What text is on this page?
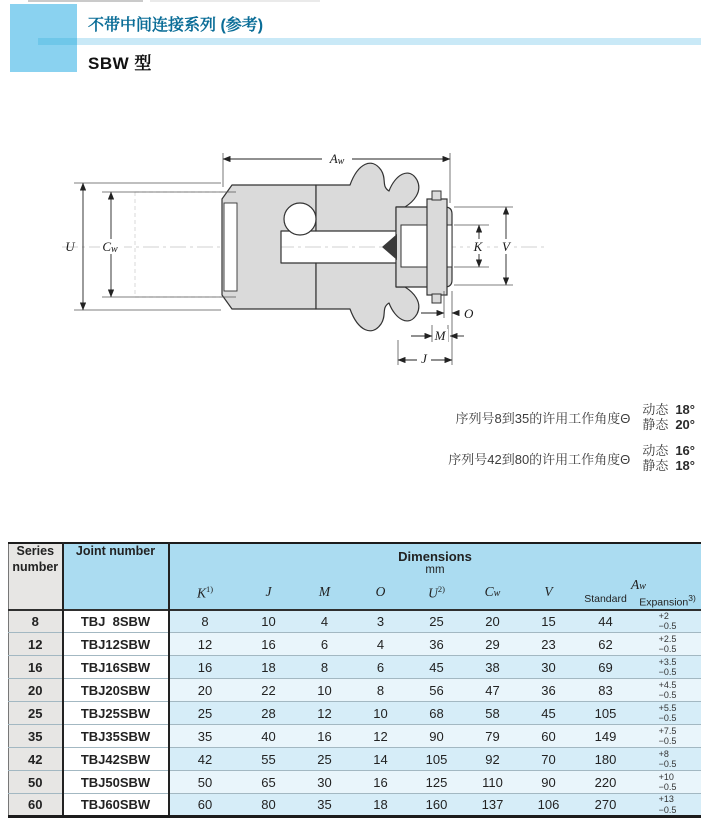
不带中间连接系列 (参考)
SBW 型
Aw
U Cw	K V
O
M
J
序列号8到35的许用工作角度Θ
动态 18°
静态 20°
序列号42到80的许用工作角度Θ
动态 16°
静态 18°
Series number	Joint number	Dimensions
mm								

		$K^{1)}$	J	M	O	$U^{2)}$	Cw	V	Aw	
									Standard	Expansion$^{3)}$
8	TBJ  8SBW	8	10	4	3	25	20	15	44	+2
−0.5
12	TBJ12SBW	12	16	6	4	36	29	23	62	+2.5
−0.5
16	TBJ16SBW	16	18	8	6	45	38	30	69	+3.5
−0.5
20	TBJ20SBW	20	22	10	8	56	47	36	83	+4.5
−0.5
25	TBJ25SBW	25	28	12	10	68	58	45	105	+5.5
−0.5
35	TBJ35SBW	35	40	16	12	90	79	60	149	+7.5
−0.5
42	TBJ42SBW	42	55	25	14	105	92	70	180	+8
−0.5
50	TBJ50SBW	50	65	30	16	125	110	90	220	+10
−0.5
60	TBJ60SBW	60	80	35	18	160	137	106	270	+13
−0.5
